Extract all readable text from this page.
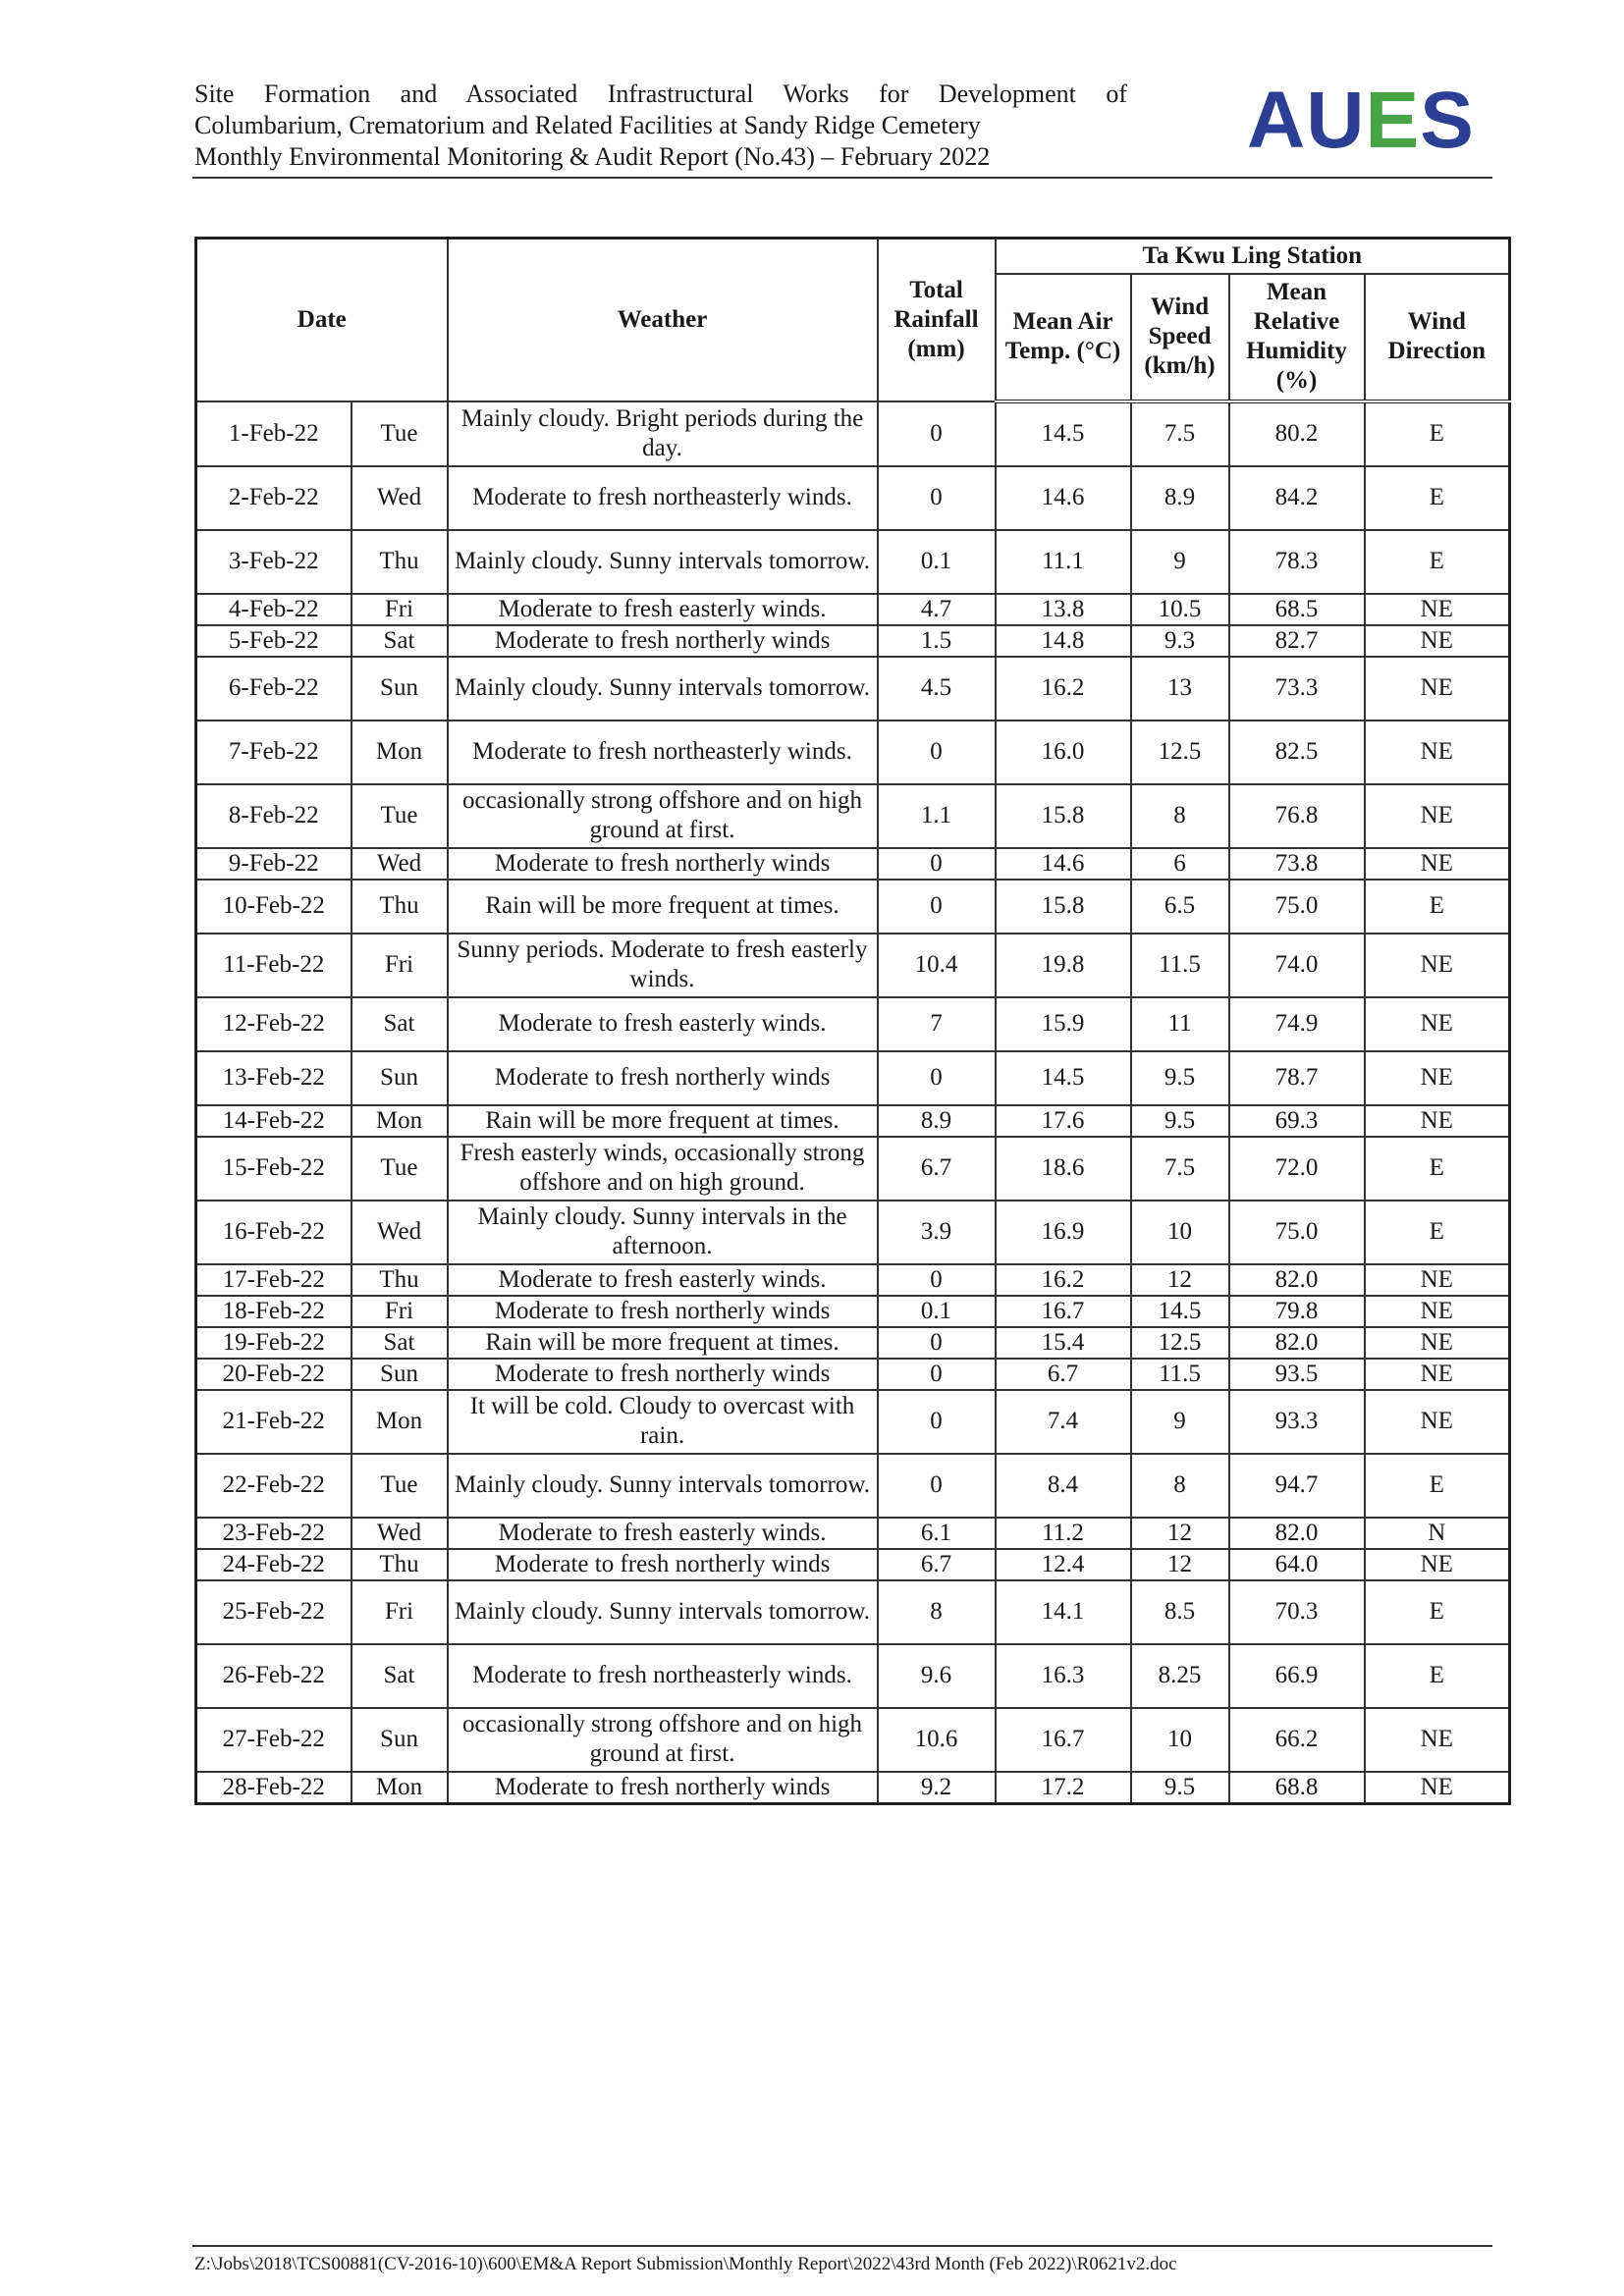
Site Formation and Associated Infrastructural Works for Development of
Columbarium, Crematorium and Related Facilities at Sandy Ridge Cemetery
Monthly Environmental Monitoring & Audit Report (No.43) – February 2022	AUES
Date		Weather	Total Rainfall (mm)	Ta Kwu Ling Station			
				Mean Air Temp. (°C)	Wind Speed (km/h)	Mean Relative Humidity (%)	Wind Direction
1-Feb-22	Tue	Mainly cloudy. Bright periods during the day.	0	14.5	7.5	80.2	E
2-Feb-22	Wed	Moderate to fresh northeasterly winds.	0	14.6	8.9	84.2	E
3-Feb-22	Thu	Mainly cloudy. Sunny intervals tomorrow.	0.1	11.1	9	78.3	E
4-Feb-22	Fri	Moderate to fresh easterly winds.	4.7	13.8	10.5	68.5	NE
5-Feb-22	Sat	Moderate to fresh northerly winds	1.5	14.8	9.3	82.7	NE
6-Feb-22	Sun	Mainly cloudy. Sunny intervals tomorrow.	4.5	16.2	13	73.3	NE
7-Feb-22	Mon	Moderate to fresh northeasterly winds.	0	16.0	12.5	82.5	NE
8-Feb-22	Tue	occasionally strong offshore and on high ground at first.	1.1	15.8	8	76.8	NE
9-Feb-22	Wed	Moderate to fresh northerly winds	0	14.6	6	73.8	NE
10-Feb-22	Thu	Rain will be more frequent at times.	0	15.8	6.5	75.0	E
11-Feb-22	Fri	Sunny periods. Moderate to fresh easterly winds.	10.4	19.8	11.5	74.0	NE
12-Feb-22	Sat	Moderate to fresh easterly winds.	7	15.9	11	74.9	NE
13-Feb-22	Sun	Moderate to fresh northerly winds	0	14.5	9.5	78.7	NE
14-Feb-22	Mon	Rain will be more frequent at times.	8.9	17.6	9.5	69.3	NE
15-Feb-22	Tue	Fresh easterly winds, occasionally strong offshore and on high ground.	6.7	18.6	7.5	72.0	E
16-Feb-22	Wed	Mainly cloudy. Sunny intervals in the afternoon.	3.9	16.9	10	75.0	E
17-Feb-22	Thu	Moderate to fresh easterly winds.	0	16.2	12	82.0	NE
18-Feb-22	Fri	Moderate to fresh northerly winds	0.1	16.7	14.5	79.8	NE
19-Feb-22	Sat	Rain will be more frequent at times.	0	15.4	12.5	82.0	NE
20-Feb-22	Sun	Moderate to fresh northerly winds	0	6.7	11.5	93.5	NE
21-Feb-22	Mon	It will be cold. Cloudy to overcast with rain.	0	7.4	9	93.3	NE
22-Feb-22	Tue	Mainly cloudy. Sunny intervals tomorrow.	0	8.4	8	94.7	E
23-Feb-22	Wed	Moderate to fresh easterly winds.	6.1	11.2	12	82.0	N
24-Feb-22	Thu	Moderate to fresh northerly winds	6.7	12.4	12	64.0	NE
25-Feb-22	Fri	Mainly cloudy. Sunny intervals tomorrow.	8	14.1	8.5	70.3	E
26-Feb-22	Sat	Moderate to fresh northeasterly winds.	9.6	16.3	8.25	66.9	E
27-Feb-22	Sun	occasionally strong offshore and on high ground at first.	10.6	16.7	10	66.2	NE
28-Feb-22	Mon	Moderate to fresh northerly winds	9.2	17.2	9.5	68.8	NE
Z:\Jobs\2018\TCS00881(CV-2016-10)\600\EM&A Report Submission\Monthly Report\2022\43rd Month (Feb 2022)\R0621v2.doc
